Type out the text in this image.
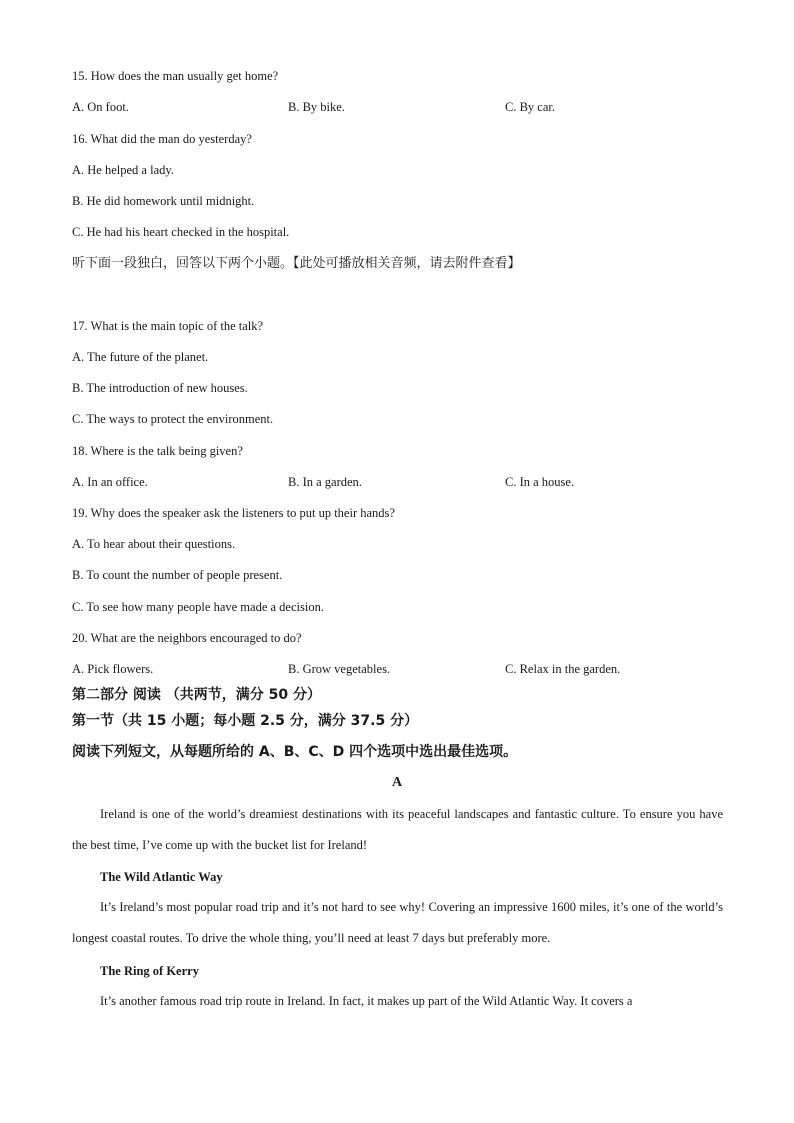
15. How does the man usually get home?
A. On foot.	B. By bike.	C. By car.
16. What did the man do yesterday?
A. He helped a lady.
B. He did homework until midnight.
C. He had his heart checked in the hospital.
听下面一段独白，回答以下两个小题。【此处可播放相关音频，请去附件查看】
17. What is the main topic of the talk?
A. The future of the planet.
B. The introduction of new houses.
C. The ways to protect the environment.
18. Where is the talk being given?
A. In an office.	B. In a garden.	C. In a house.
19. Why does the speaker ask the listeners to put up their hands?
A. To hear about their questions.
B. To count the number of people present.
C. To see how many people have made a decision.
20. What are the neighbors encouraged to do?
A. Pick flowers.	B. Grow vegetables.	C. Relax in the garden.
第二部分 阅读 （共两节，满分 50 分）
第一节（共 15 小题；每小题 2.5 分，满分 37.5 分）
阅读下列短文，从每题所给的 A、B、C、D 四个选项中选出最佳选项。
A
Ireland is one of the world’s dreamiest destinations with its peaceful landscapes and fantastic culture. To ensure you have the best time, I’ve come up with the bucket list for Ireland!
The Wild Atlantic Way
It’s Ireland’s most popular road trip and it’s not hard to see why! Covering an impressive 1600 miles, it’s one of the world’s longest coastal routes. To drive the whole thing, you’ll need at least 7 days but preferably more.
The Ring of Kerry
It’s another famous road trip route in Ireland. In fact, it makes up part of the Wild Atlantic Way. It covers a
